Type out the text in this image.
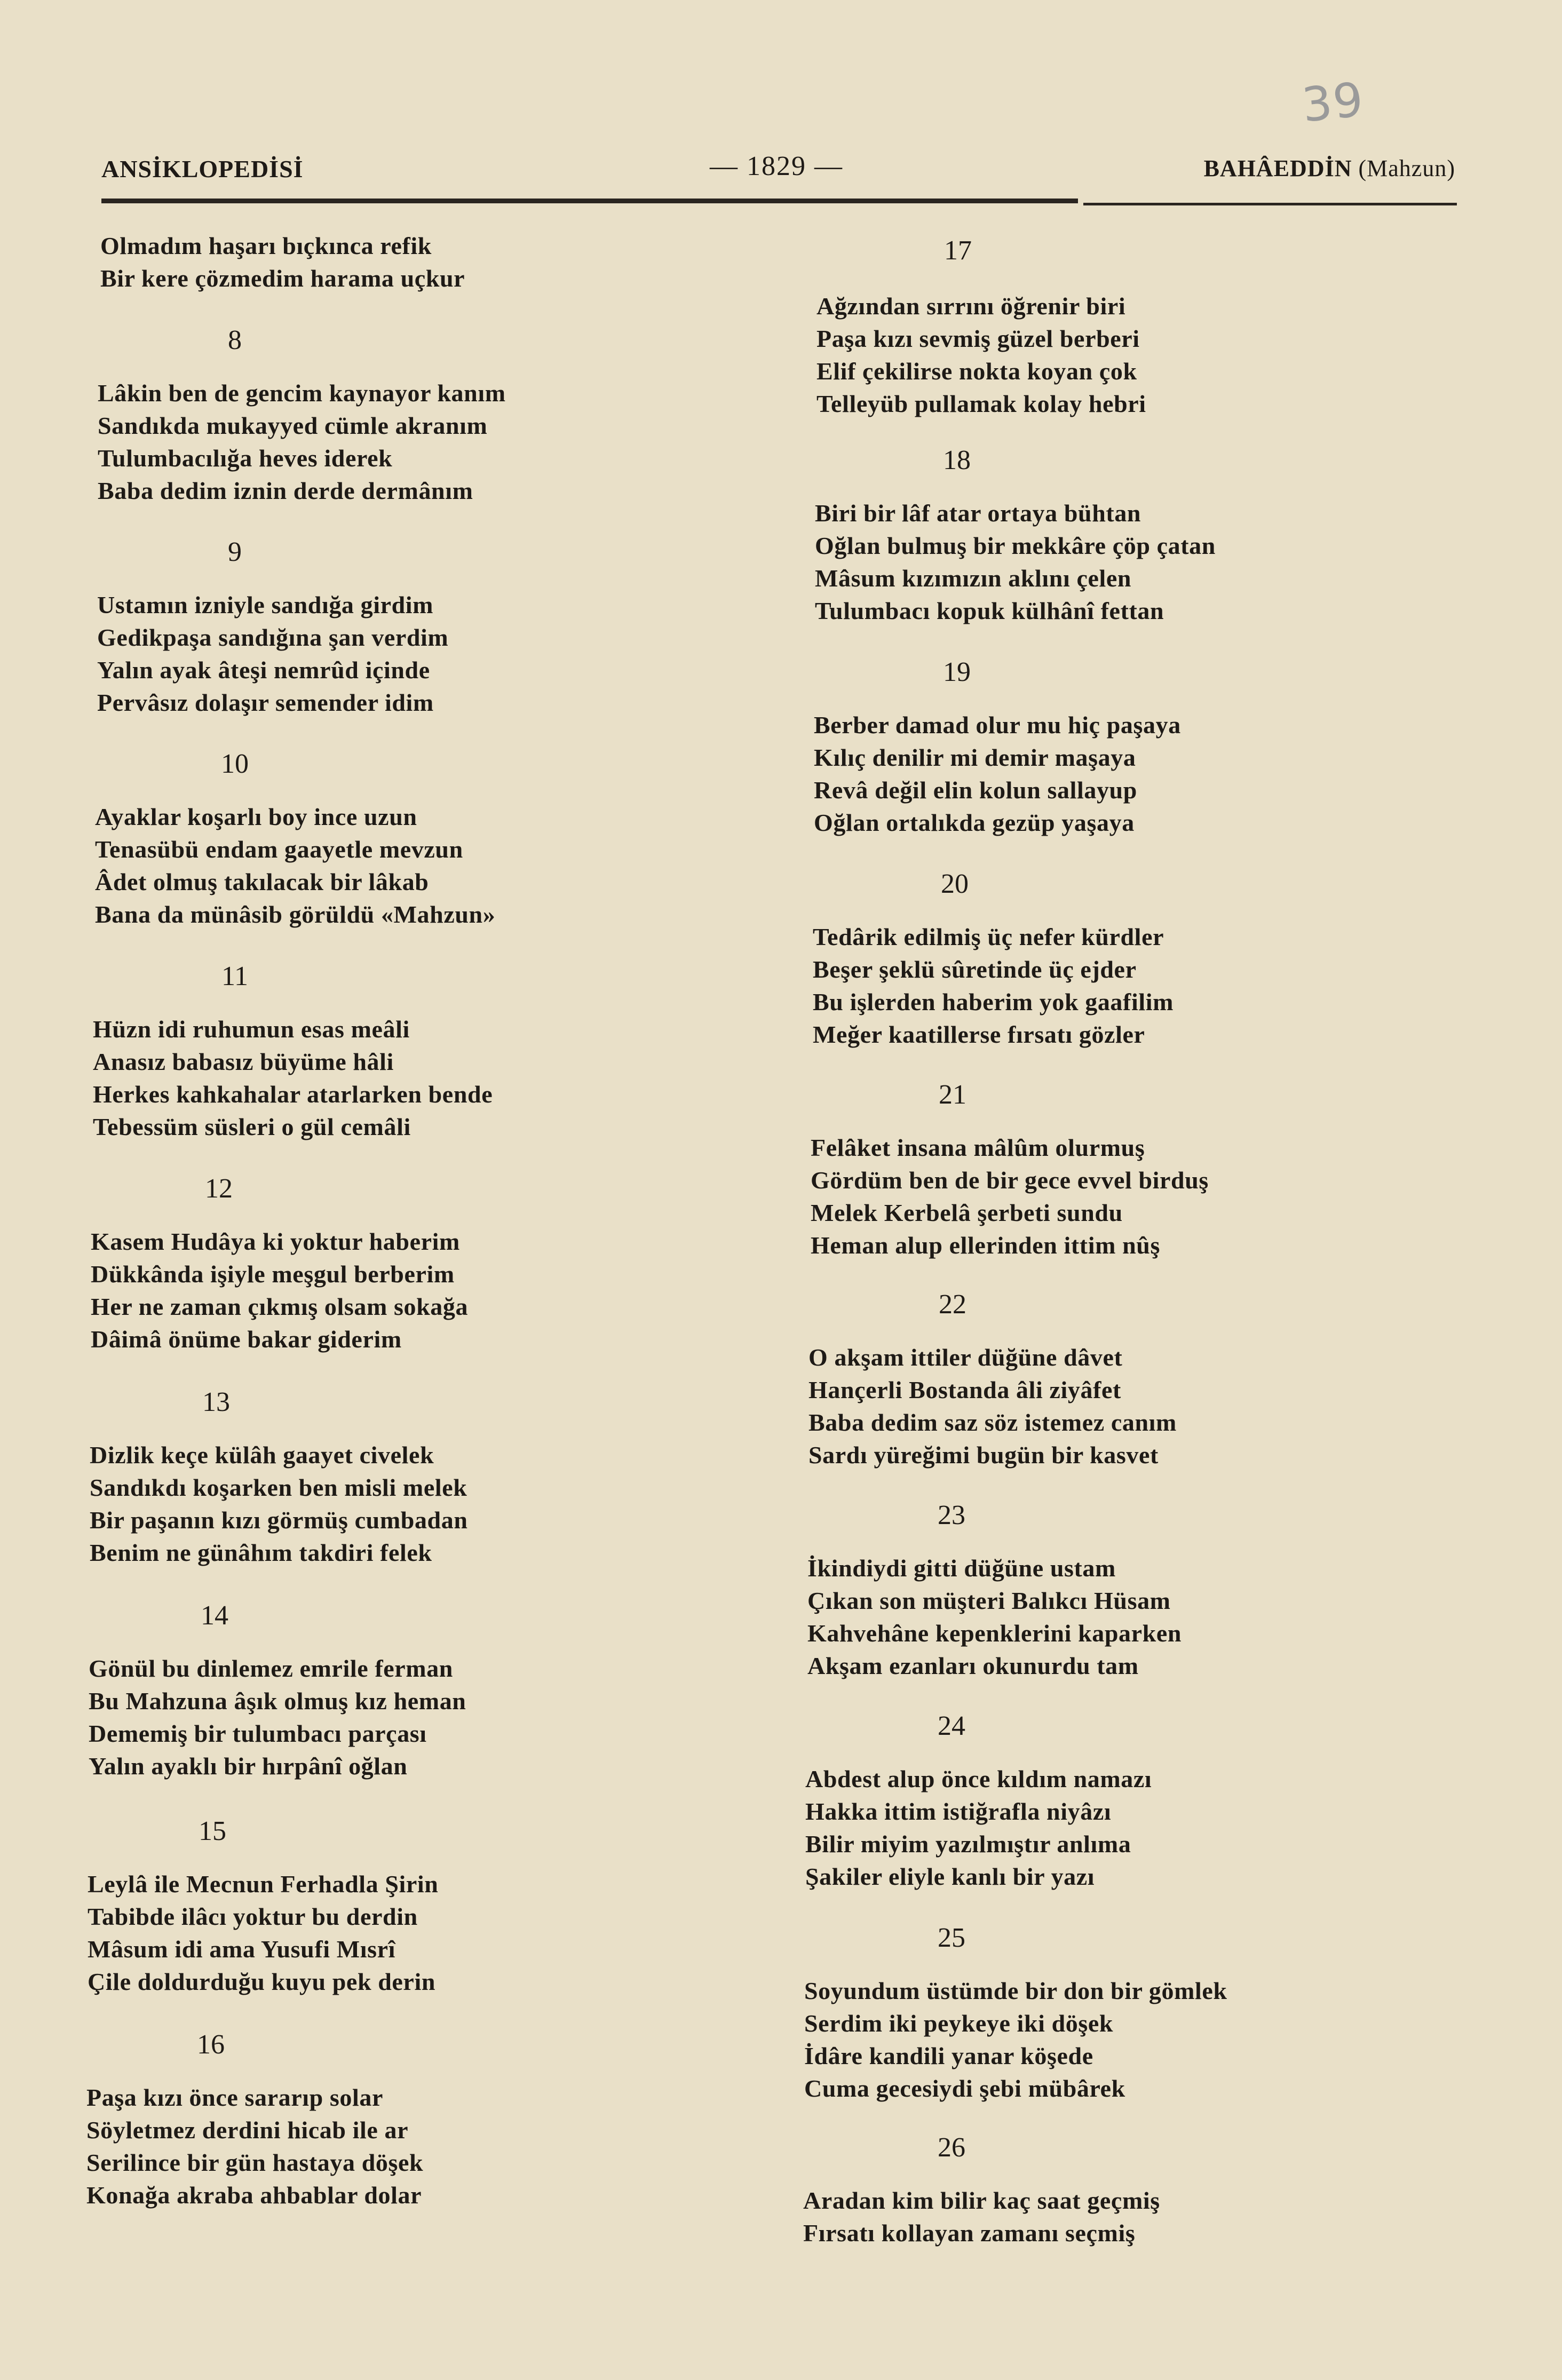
39
ANSİKLOPEDİSİ	— 1829 —	BAHÂEDDİN (Mahzun)
Olmadım haşarı bıçkınca refik
Bir kere çözmedim harama uçkur
8
Lâkin ben de gencim kaynayor kanım
Sandıkda mukayyed cümle akranım
Tulumbacılığa heves iderek
Baba dedim iznin derde dermânım
9
Ustamın izniyle sandığa girdim
Gedikpaşa sandığına şan verdim
Yalın ayak âteşi nemrûd içinde
Pervâsız dolaşır semender idim
10
Ayaklar koşarlı boy ince uzun
Tenasübü endam gaayetle mevzun
Âdet olmuş takılacak bir lâkab
Bana da münâsib görüldü «Mahzun»
11
Hüzn idi ruhumun esas meâli
Anasız babasız büyüme hâli
Herkes kahkahalar atarlarken bende
Tebessüm süsleri o gül cemâli
12
Kasem Hudâya ki yoktur haberim
Dükkânda işiyle meşgul berberim
Her ne zaman çıkmış olsam sokağa
Dâimâ önüme bakar giderim
13
Dizlik keçe külâh gaayet civelek
Sandıkdı koşarken ben misli melek
Bir paşanın kızı görmüş cumbadan
Benim ne günâhım takdiri felek
14
Gönül bu dinlemez emrile ferman
Bu Mahzuna âşık olmuş kız heman
Dememiş bir tulumbacı parçası
Yalın ayaklı bir hırpânî oğlan
15
Leylâ ile Mecnun Ferhadla Şirin
Tabibde ilâcı yoktur bu derdin
Mâsum idi ama Yusufi Mısrî
Çile doldurduğu kuyu pek derin
16
Paşa kızı önce sararıp solar
Söyletmez derdini hicab ile ar
Serilince bir gün hastaya döşek
Konağa akraba ahbablar dolar
17
Ağzından sırrını öğrenir biri
Paşa kızı sevmiş güzel berberi
Elif çekilirse nokta koyan çok
Telleyüb pullamak kolay hebri
18
Biri bir lâf atar ortaya bühtan
Oğlan bulmuş bir mekkâre çöp çatan
Mâsum kızımızın aklını çelen
Tulumbacı kopuk külhânî fettan
19
Berber damad olur mu hiç paşaya
Kılıç denilir mi demir maşaya
Revâ değil elin kolun sallayup
Oğlan ortalıkda gezüp yaşaya
20
Tedârik edilmiş üç nefer kürdler
Beşer şeklü sûretinde üç ejder
Bu işlerden haberim yok gaafilim
Meğer kaatillerse fırsatı gözler
21
Felâket insana mâlûm olurmuş
Gördüm ben de bir gece evvel birduş
Melek Kerbelâ şerbeti sundu
Heman alup ellerinden ittim nûş
22
O akşam ittiler düğüne dâvet
Hançerli Bostanda âli ziyâfet
Baba dedim saz söz istemez canım
Sardı yüreğimi bugün bir kasvet
23
İkindiydi gitti düğüne ustam
Çıkan son müşteri Balıkcı Hüsam
Kahvehâne kepenklerini kaparken
Akşam ezanları okunurdu tam
24
Abdest alup önce kıldım namazı
Hakka ittim istiğrafla niyâzı
Bilir miyim yazılmıştır anlıma
Şakiler eliyle kanlı bir yazı
25
Soyundum üstümde bir don bir gömlek
Serdim iki peykeye iki döşek
İdâre kandili yanar köşede
Cuma gecesiydi şebi mübârek
26
Aradan kim bilir kaç saat geçmiş
Fırsatı kollayan zamanı seçmiş
